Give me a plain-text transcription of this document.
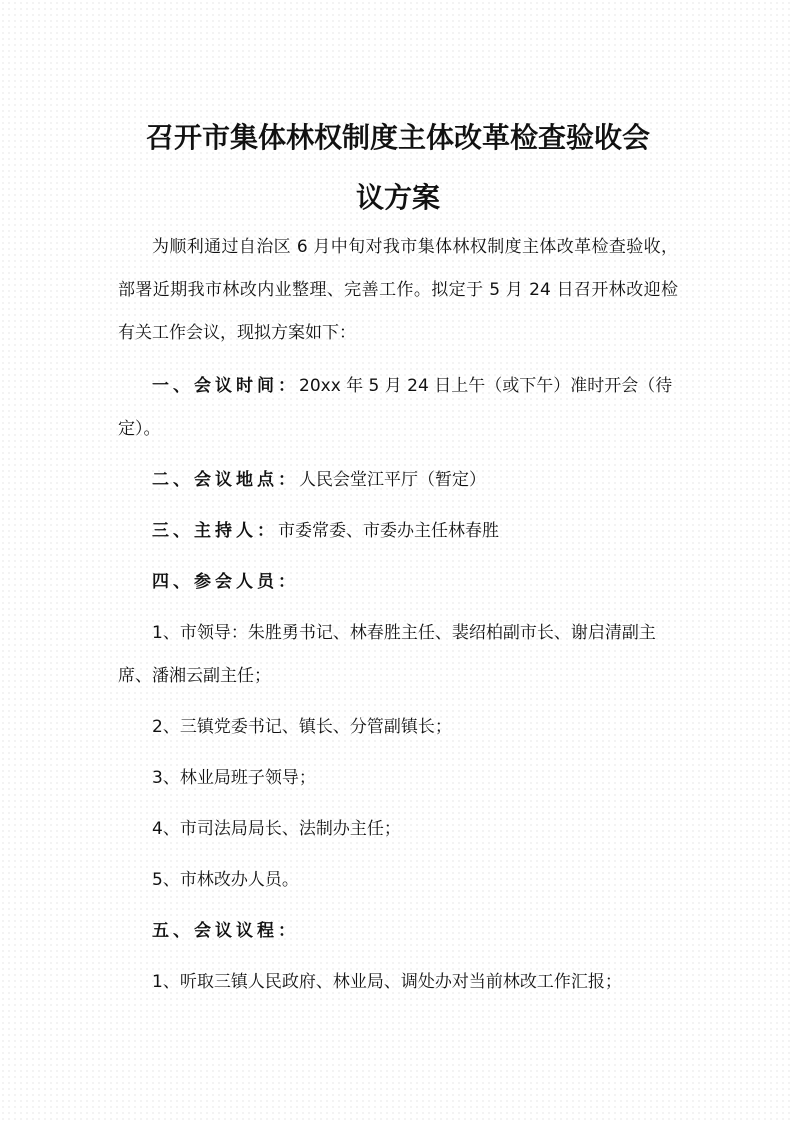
召开市集体林权制度主体改革检查验收会
议方案

为顺利通过自治区 6 月中旬对我市集体林权制度主体改革检查验收，部署近期我市林改内业整理、完善工作。拟定于 5 月 24 日召开林改迎检有关工作会议，现拟方案如下：

一、会议时间：20xx 年 5 月 24 日上午（或下午）准时开会（待定）。

二、会议地点：人民会堂江平厅（暂定）

三、主持人：市委常委、市委办主任林春胜

四、参会人员：

1、市领导：朱胜勇书记、林春胜主任、裴绍柏副市长、谢启清副主席、潘湘云副主任；

2、三镇党委书记、镇长、分管副镇长；

3、林业局班子领导；

4、市司法局局长、法制办主任；

5、市林改办人员。

五、会议议程：

1、听取三镇人民政府、林业局、调处办对当前林改工作汇报；
